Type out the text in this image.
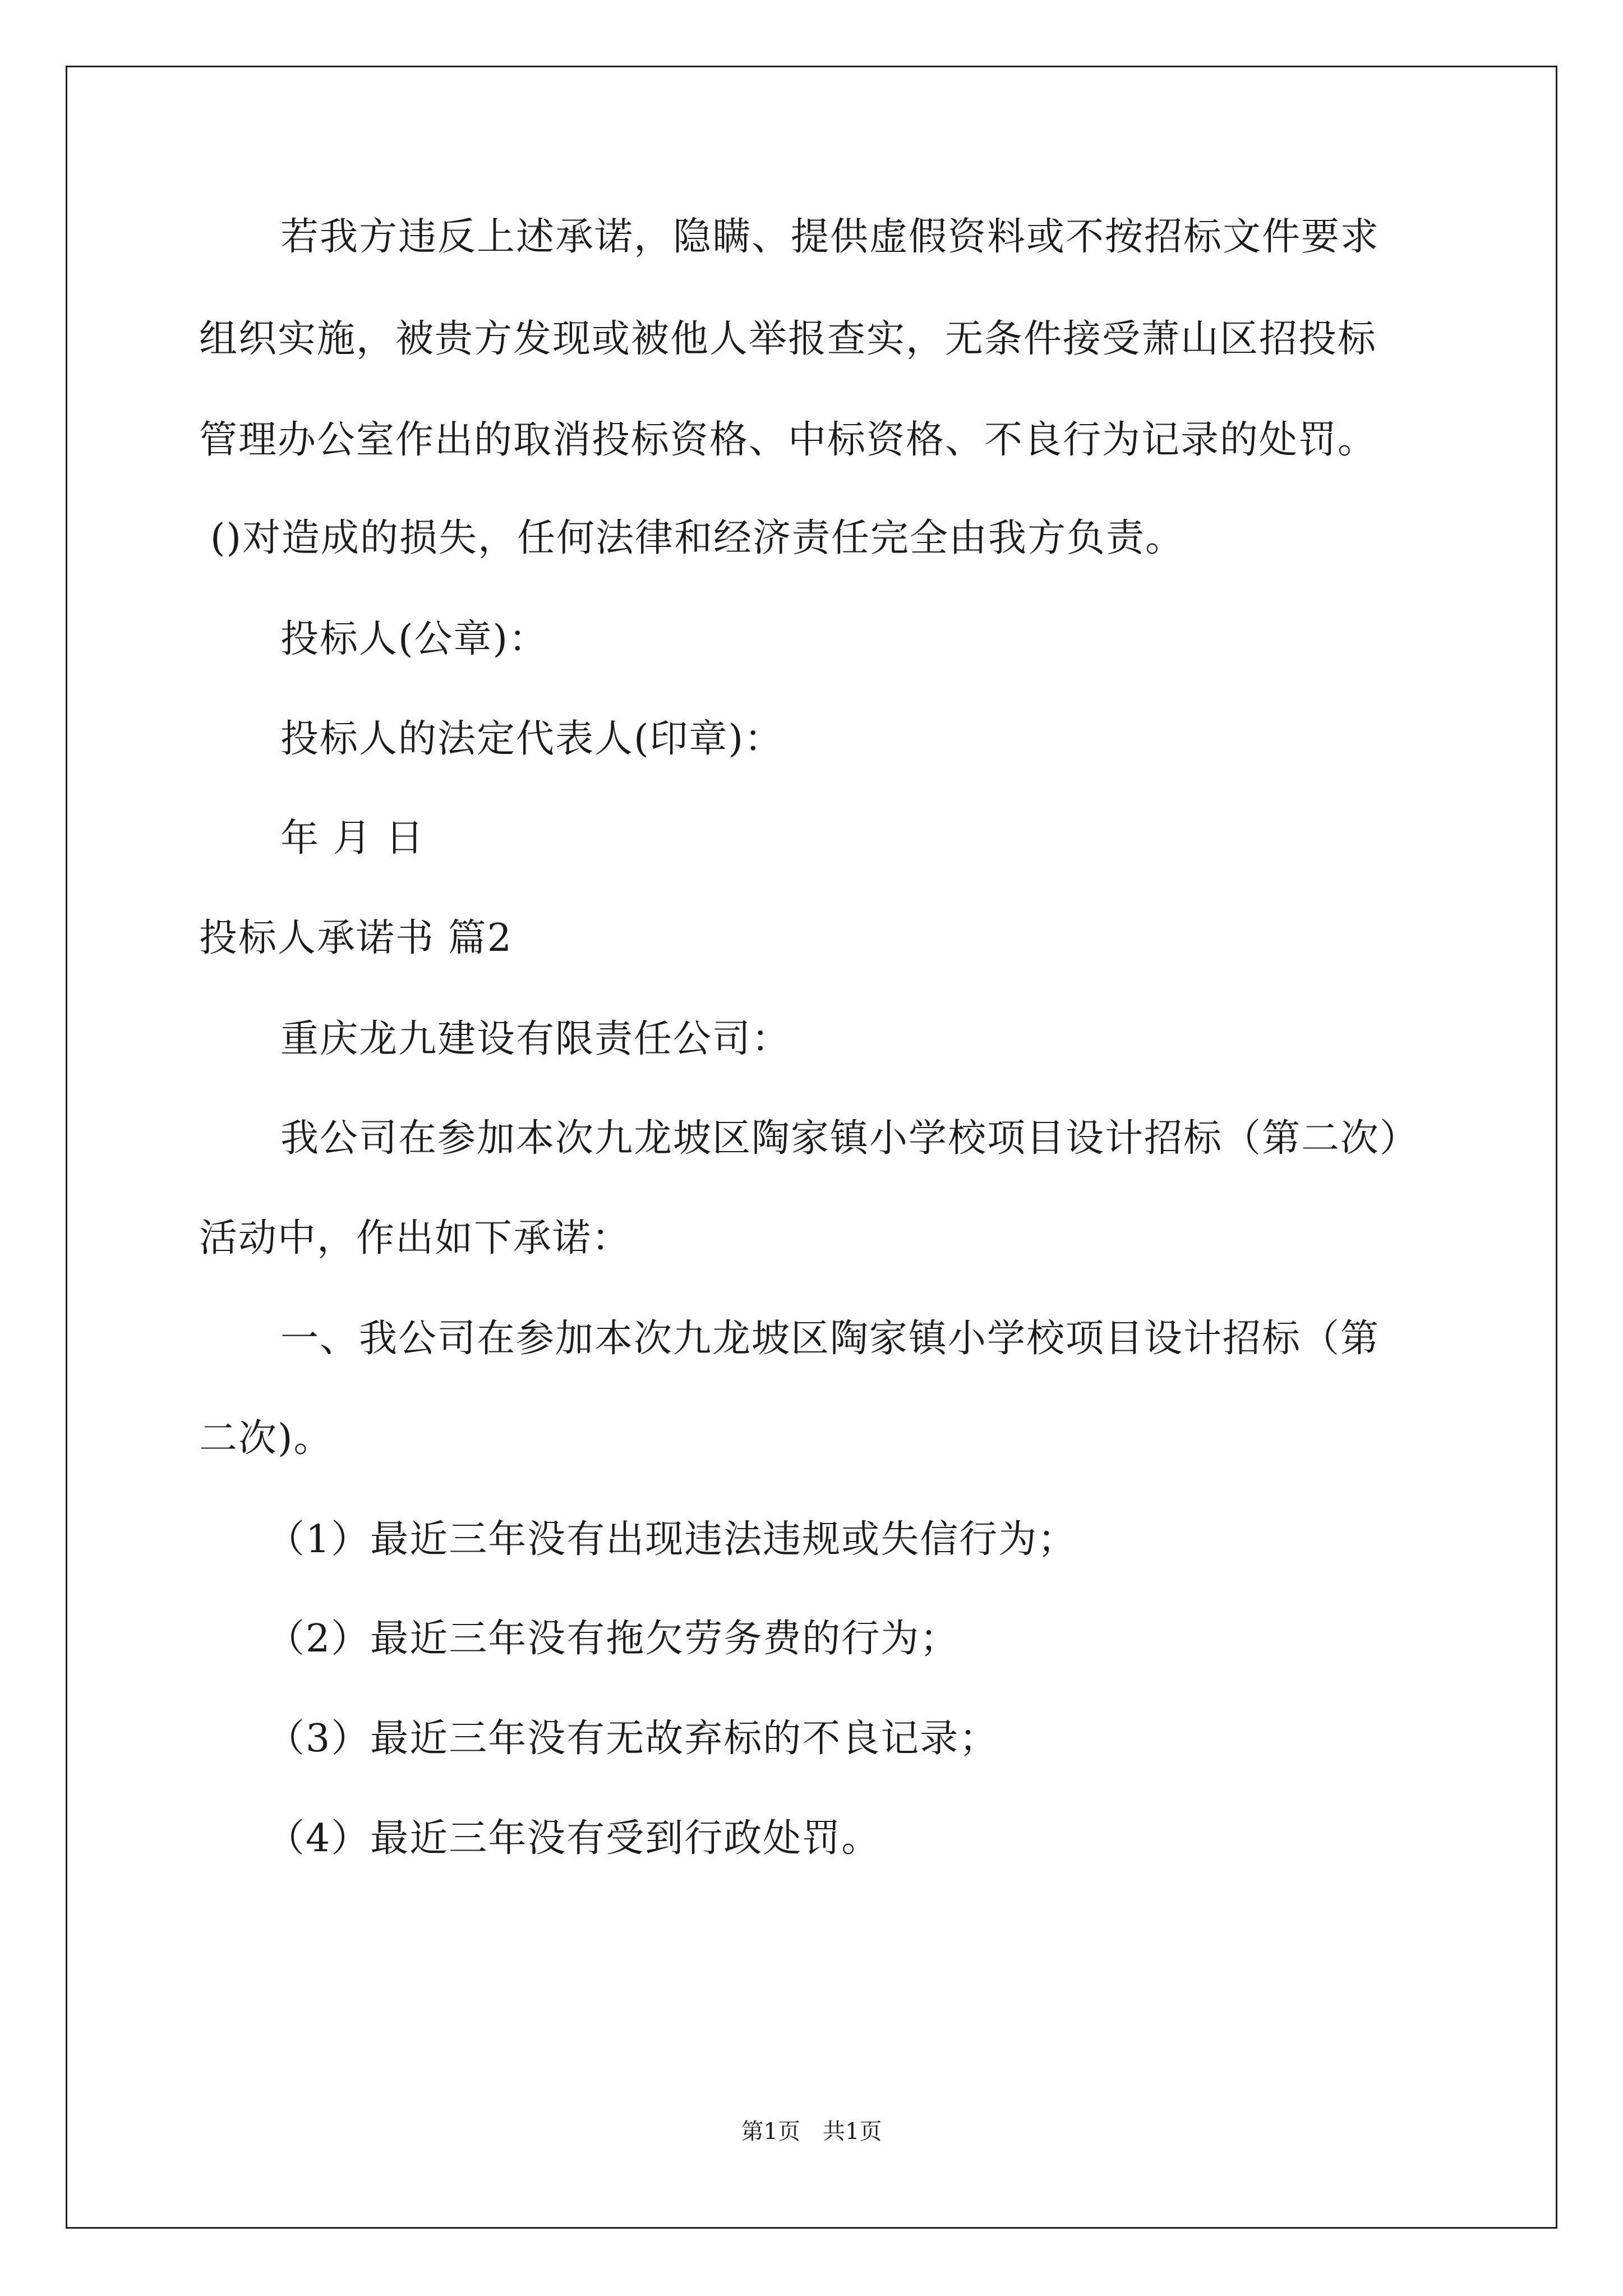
若我方违反上述承诺，隐瞒、提供虚假资料或不按招标文件要求
组织实施，被贵方发现或被他人举报查实，无条件接受萧山区招投标
管理办公室作出的取消投标资格、中标资格、不良行为记录的处罚。
()对造成的损失，任何法律和经济责任完全由我方负责。
投标人(公章)：
投标人的法定代表人(印章)：
年 月 日
投标人承诺书 篇2
重庆龙九建设有限责任公司：
我公司在参加本次九龙坡区陶家镇小学校项目设计招标（第二次）
活动中，作出如下承诺：
一、我公司在参加本次九龙坡区陶家镇小学校项目设计招标（第
二次)。
（1）最近三年没有出现违法违规或失信行为；
（2）最近三年没有拖欠劳务费的行为；
（3）最近三年没有无故弃标的不良记录；
（4）最近三年没有受到行政处罚。
第1页 共1页
